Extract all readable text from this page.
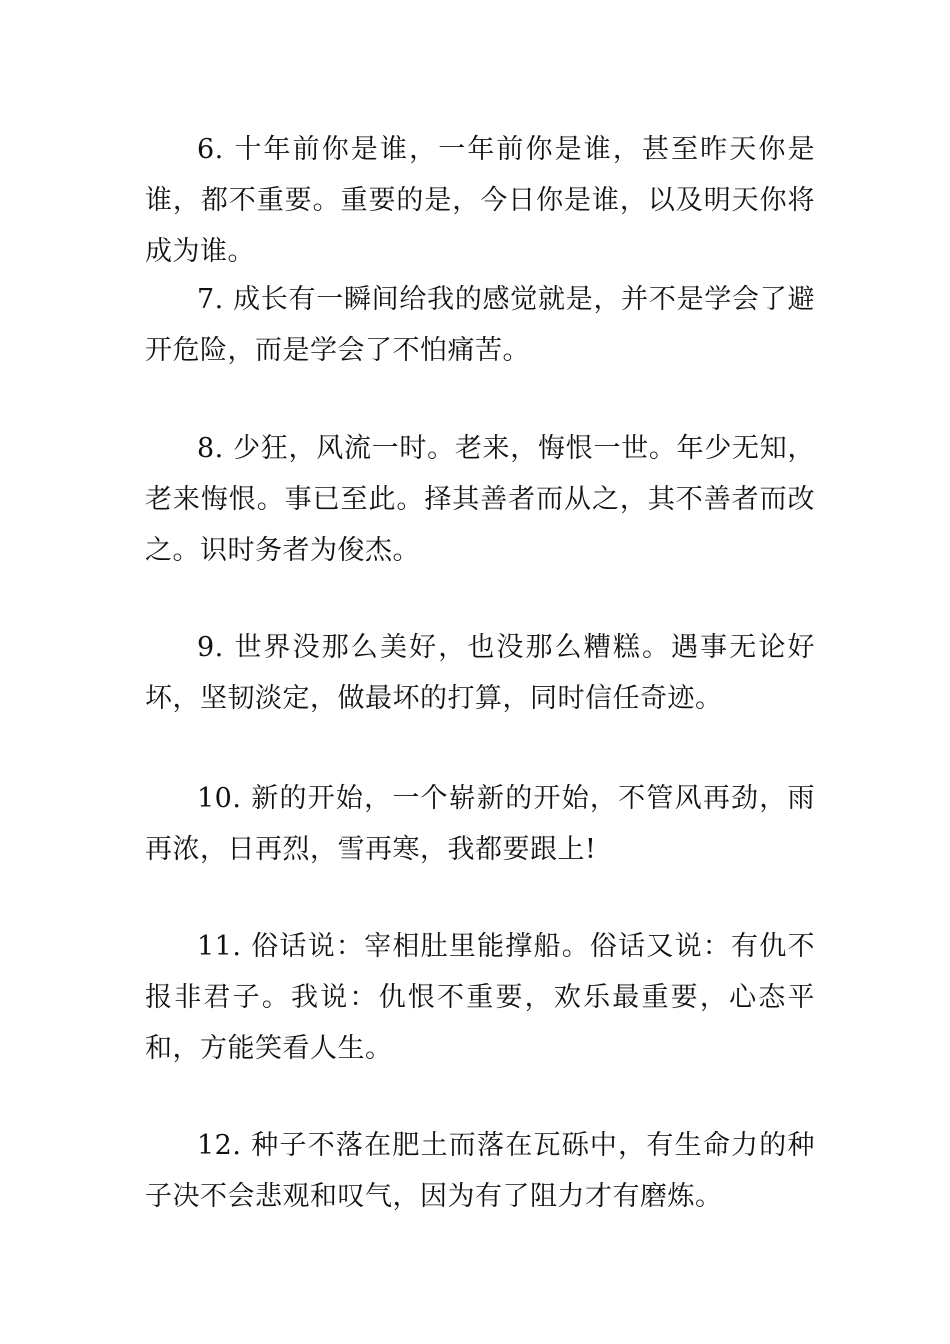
6. 十年前你是谁，一年前你是谁，甚至昨天你是谁，都不重要。重要的是，今日你是谁，以及明天你将成为谁。

7. 成长有一瞬间给我的感觉就是，并不是学会了避开危险，而是学会了不怕痛苦。

8. 少狂，风流一时。老来，悔恨一世。年少无知，老来悔恨。事已至此。择其善者而从之，其不善者而改之。识时务者为俊杰。

9. 世界没那么美好，也没那么糟糕。遇事无论好坏，坚韧淡定，做最坏的打算，同时信任奇迹。

10. 新的开始，一个崭新的开始，不管风再劲，雨再浓，日再烈，雪再寒，我都要跟上!

11. 俗话说：宰相肚里能撑船。俗话又说：有仇不报非君子。我说：仇恨不重要，欢乐最重要，心态平和，方能笑看人生。

12. 种子不落在肥土而落在瓦砾中，有生命力的种子决不会悲观和叹气，因为有了阻力才有磨炼。
